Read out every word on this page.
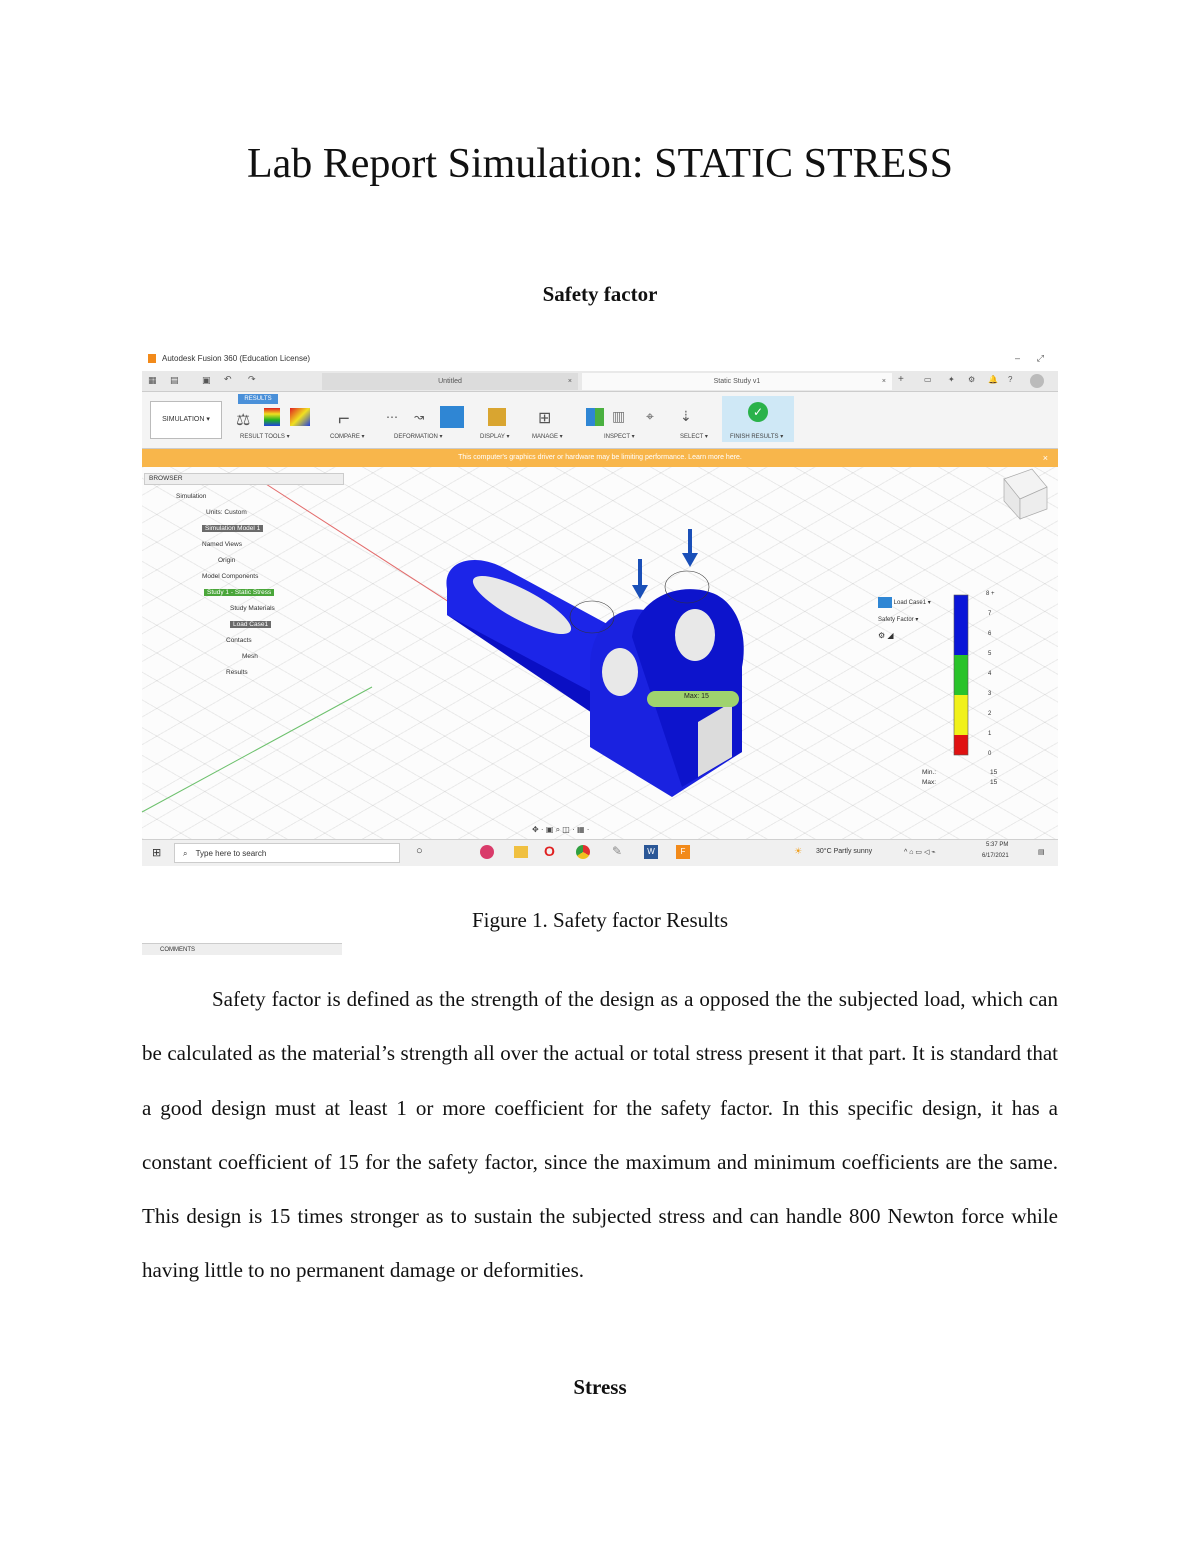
Lab Report Simulation: STATIC STRESS
Safety factor
Autodesk Fusion 360 (Education License)	– ⤢
▦ ▤	▣ ↶ ↷	Untitled	×	Static Study v1	× +	▭ ✦ ⚙ 🔔 ?
SIMULATION ▾
RESULTS
⚖	⌐	⋯ ↝	⊞	▥ ⌖ ⇣	✓
RESULT TOOLS ▾	COMPARE ▾	DEFORMATION ▾	DISPLAY ▾	MANAGE ▾	INSPECT ▾	SELECT ▾	FINISH RESULTS ▾
This computer's graphics driver or hardware may be limiting performance. Learn more here.	×
Max: 15
BROWSER
Simulation
Units: Custom
Simulation Model 1
Named Views
Origin
Model Components
Study 1 - Static Stress
Study Materials
Load Case1
Contacts
Mesh
Results
Load Case1 ▾
Safety Factor ▾
⚙ ◢
8 +
7
6
5
4
3
2
1
0
Min.:	15
Max:	15
✥ · ▣ ⌕ ◫ · ▦ ·
COMMENTS
⊞	⌕ Type here to search	○	O	✎	W	F	☀ 30°C Partly sunny	^ ⌂ ▭ ◁ ⌁
5:37 PM
6/17/2021	▤

Figure 1. Safety factor Results

Safety factor is defined as the strength of the design as a opposed the the subjected load, which can be calculated as the material’s strength all over the actual or total stress present it that part. It is standard that a good design must at least 1 or more coefficient for the safety factor. In this specific design, it has a constant coefficient of 15 for the safety factor, since the maximum and minimum coefficients are the same. This design is 15 times stronger as to sustain the subjected stress and can handle 800 Newton force while having little to no permanent damage or deformities.

Stress
